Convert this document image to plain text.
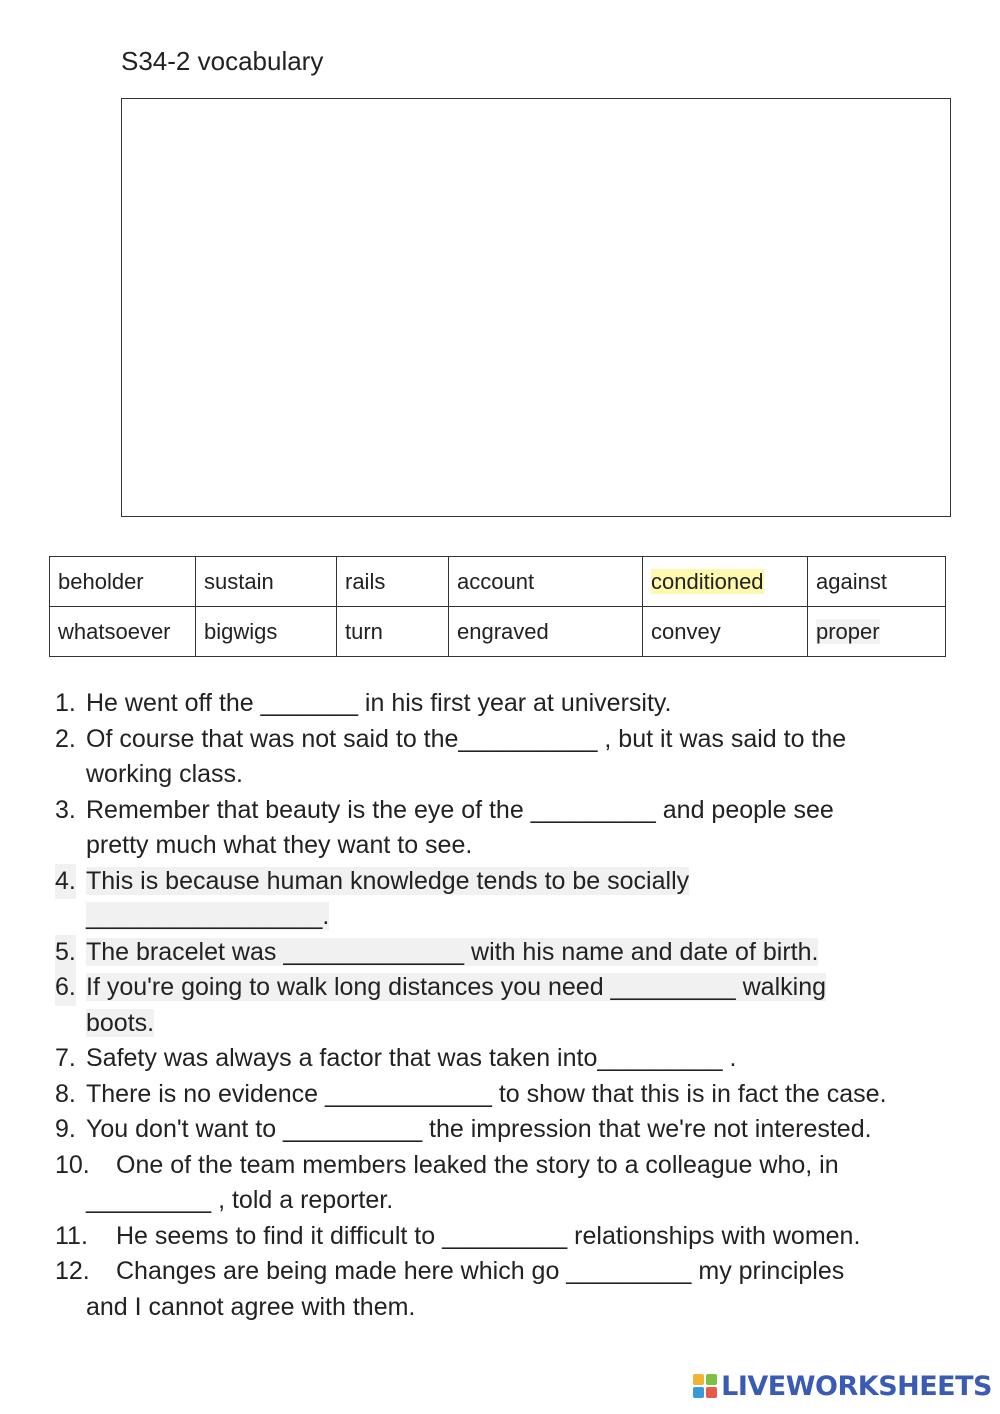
S34-2 vocabulary
beholder	sustain	rails	account	conditioned	against
whatsoever	bigwigs	turn	engraved	convey	proper
1. He went off the _______ in his first year at university.
2. Of course that was not said to the__________ , but it was said to the
working class.
3. Remember that beauty is the eye of the _________ and people see
pretty much what they want to see.
4. This is because human knowledge tends to be socially
_________________.
5. The bracelet was _____________ with his name and date of birth.
6. If you're going to walk long distances you need _________ walking
boots.
7. Safety was always a factor that was taken into_________ .
8. There is no evidence ____________ to show that this is in fact the case.
9. You don't want to __________ the impression that we're not interested.
10. One of the team members leaked the story to a colleague who, in
_________ , told a reporter.
11. He seems to find it difficult to _________ relationships with women.
12. Changes are being made here which go _________ my principles
and I cannot agree with them.
LIVEWORKSHEETS
